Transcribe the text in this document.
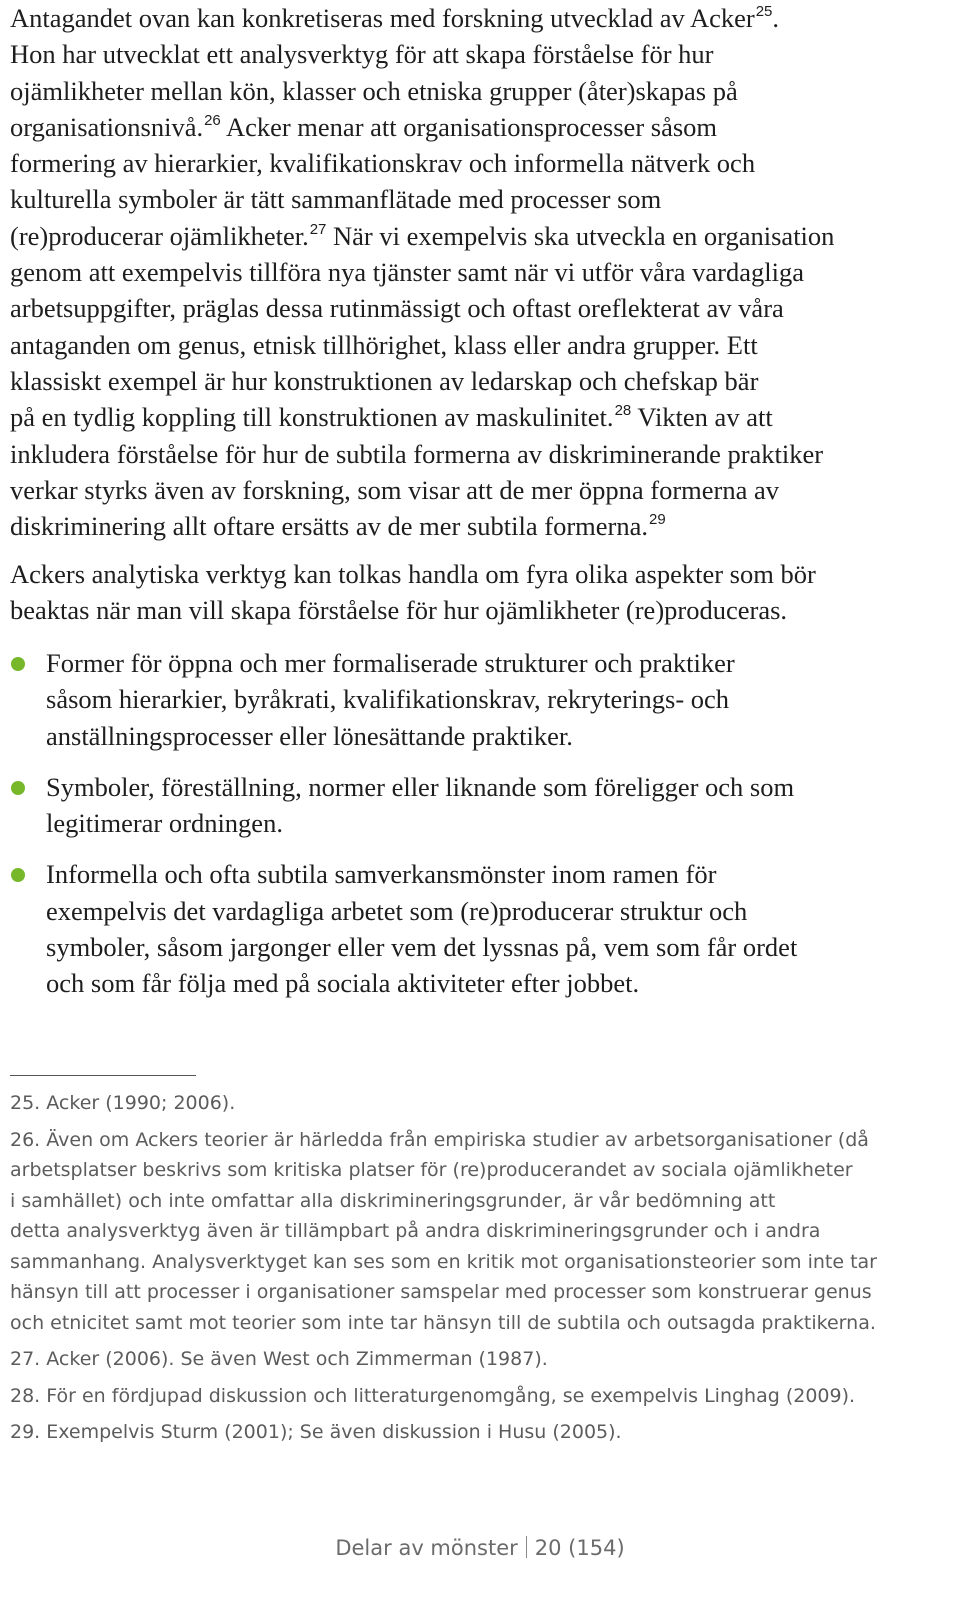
Antagandet ovan kan konkretiseras med forskning utvecklad av Acker$^{25}$.
Hon har utvecklat ett analysverktyg för att skapa förståelse för hur
ojämlikheter mellan kön, klasser och etniska grupper (åter)skapas på
organisationsnivå.$^{26}$ Acker menar att organisationsprocesser såsom
formering av hierarkier, kvalifikationskrav och informella nätverk och
kulturella symboler är tätt sammanflätade med processer som
(re)producerar ojämlikheter.$^{27}$ När vi exempelvis ska utveckla en organisation
genom att exempelvis tillföra nya tjänster samt när vi utför våra vardagliga
arbetsuppgifter, präglas dessa rutinmässigt och oftast oreflekterat av våra
antaganden om genus, etnisk tillhörighet, klass eller andra grupper. Ett
klassiskt exempel är hur konstruktionen av ledarskap och chefskap bär
på en tydlig koppling till konstruktionen av maskulinitet.$^{28}$ Vikten av att
inkludera förståelse för hur de subtila formerna av diskriminerande praktiker
verkar styrks även av forskning, som visar att de mer öppna formerna av
diskriminering allt oftare ersätts av de mer subtila formerna.$^{29}$
Ackers analytiska verktyg kan tolkas handla om fyra olika aspekter som bör
beaktas när man vill skapa förståelse för hur ojämlikheter (re)produceras.
Former för öppna och mer formaliserade strukturer och praktiker
såsom hierarkier, byråkrati, kvalifikationskrav, rekryterings- och
anställningsprocesser eller lönesättande praktiker.
Symboler, föreställning, normer eller liknande som föreligger och som
legitimerar ordningen.
Informella och ofta subtila samverkansmönster inom ramen för
exempelvis det vardagliga arbetet som (re)producerar struktur och
symboler, såsom jargonger eller vem det lyssnas på, vem som får ordet
och som får följa med på sociala aktiviteter efter jobbet.
25. Acker (1990; 2006).
26. Även om Ackers teorier är härledda från empiriska studier av arbetsorganisationer (då
arbetsplatser beskrivs som kritiska platser för (re)producerandet av sociala ojämlikheter
i samhället) och inte omfattar alla diskrimineringsgrunder, är vår bedömning att
detta analysverktyg även är tillämpbart på andra diskrimineringsgrunder och i andra
sammanhang. Analysverktyget kan ses som en kritik mot organisationsteorier som inte tar
hänsyn till att processer i organisationer samspelar med processer som konstruerar genus
och etnicitet samt mot teorier som inte tar hänsyn till de subtila och outsagda praktikerna.
27. Acker (2006). Se även West och Zimmerman (1987).
28. För en fördjupad diskussion och litteraturgenomgång, se exempelvis Linghag (2009).
29. Exempelvis Sturm (2001); Se även diskussion i Husu (2005).
Delar av mönster 20 (154)
